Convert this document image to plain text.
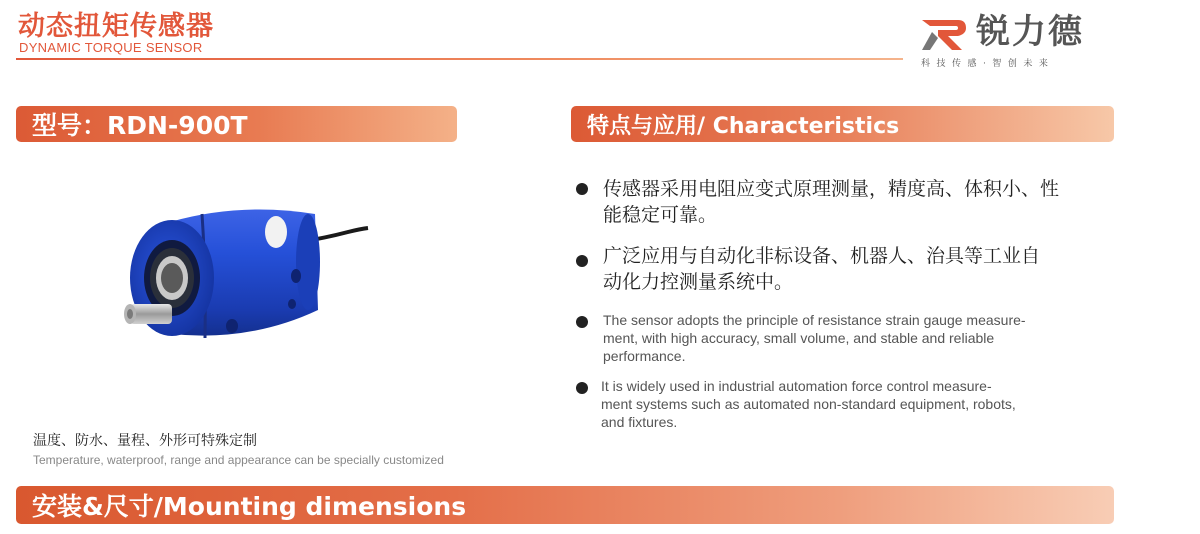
动态扭矩传感器
DYNAMIC TORQUE SENSOR	锐力德
科技传感·智创未来
型号：RDN-900T	特点与应用/ Characteristics
温度、防水、量程、外形可特殊定制
Temperature, waterproof, range and appearance can be specially customized
传感器采用电阻应变式原理测量，精度高、体积小、性
能稳定可靠。
广泛应用与自动化非标设备、机器人、治具等工业自
动化力控测量系统中。
The sensor adopts the principle of resistance strain gauge measure-
ment, with high accuracy, small volume, and stable and reliable
performance.
It is widely used in industrial automation force control measure-
ment systems such as automated non-standard equipment, robots,
and fixtures.
安装&尺寸/Mounting dimensions
